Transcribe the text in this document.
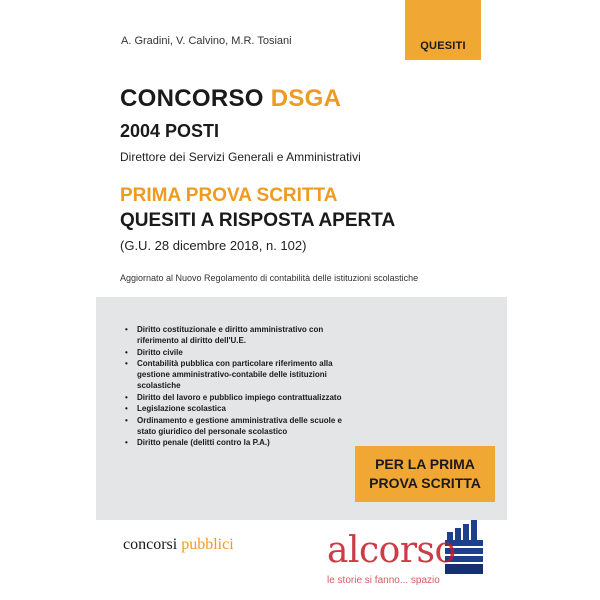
QUESITI
A. Gradini, V. Calvino, M.R. Tosiani
CONCORSO DSGA
2004 POSTI
Direttore dei Servizi Generali e Amministrativi
PRIMA PROVA SCRITTA
QUESITI A RISPOSTA APERTA
(G.U. 28 dicembre 2018, n. 102)
Aggiornato al Nuovo Regolamento di contabilità delle istituzioni scolastiche
• Diritto costituzionale e diritto amministrativo con riferimento al diritto dell'U.E.
• Diritto civile
• Contabilità pubblica con particolare riferimento alla gestione amministrativo-contabile delle istituzioni scolastiche
• Diritto del lavoro e pubblico impiego contrattualizzato
• Legislazione scolastica
• Ordinamento e gestione amministrativa delle scuole e stato giuridico del personale scolastico
• Diritto penale (delitti contro la P.A.)
PER LA PRIMA
PROVA SCRITTA
concorsi pubblici	alcorso
le storie si fanno... spazio
